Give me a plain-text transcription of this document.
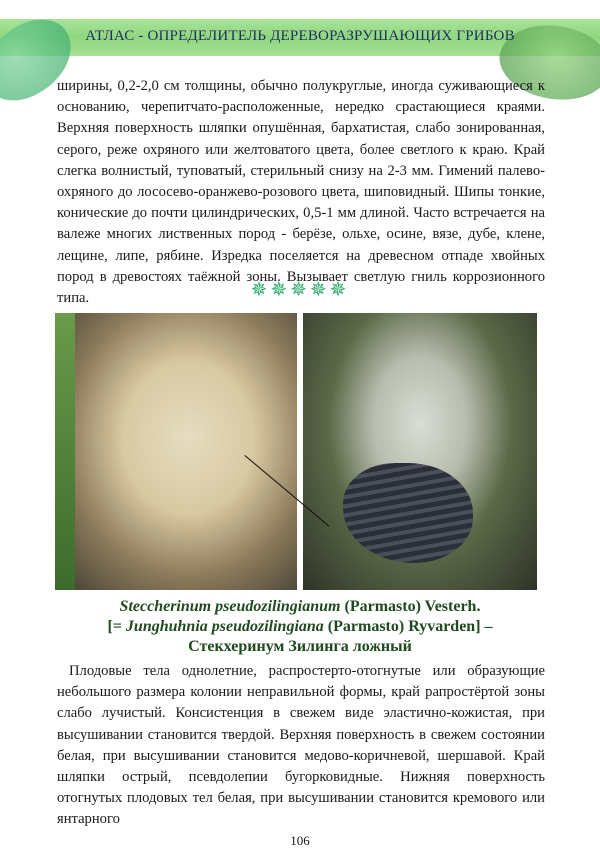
АТЛАС - ОПРЕДЕЛИТЕЛЬ ДЕРЕВОРАЗРУШАЮЩИХ ГРИБОВ

ширины, 0,2-2,0 см толщины, обычно полукруглые, иногда суживающиеся к основанию, черепитчато-расположенные, нередко срастающиеся краями. Верхняя поверхность шляпки опушённая, бархатистая, слабо зонированная, серого, реже охряного или желтоватого цвета, более светлого к краю. Край слегка волнистый, туповатый, стерильный снизу на 2-3 мм. Гимений палево-охряного до лососево-оранжево-розового цвета, шиповидный. Шипы тонкие, конические до почти цилиндрических, 0,5-1 мм длиной. Часто встречается на валеже многих лиственных пород - берёзе, ольхе, осине, вязе, дубе, клене, лещине, липе, рябине. Изредка поселяется на древесном отпаде хвойных пород в древостоях таёжной зоны. Вызывает светлую гниль коррозионного типа.	✵✵✵✵✵
Steccherinum pseudozilingianum (Parmasto) Vesterh.
[= Junghuhnia pseudozilingiana (Parmasto) Ryvarden] –
Стекхеринум Зилинга ложный

Плодовые тела однолетние, распростерто-отогнутые или образующие небольшого размера колонии неправильной формы, край рапростёртой зоны слабо лучистый. Консистенция в свежем виде эластично-кожистая, при высушивании становится твердой. Верхняя поверхность в свежем состоянии белая, при высушивании становится медово-коричневой, шершавой. Край шляпки острый, псевдолепии бугорковидные. Нижняя поверхность отогнутых плодовых тел белая, при высушивании становится кремового или янтарного

106
